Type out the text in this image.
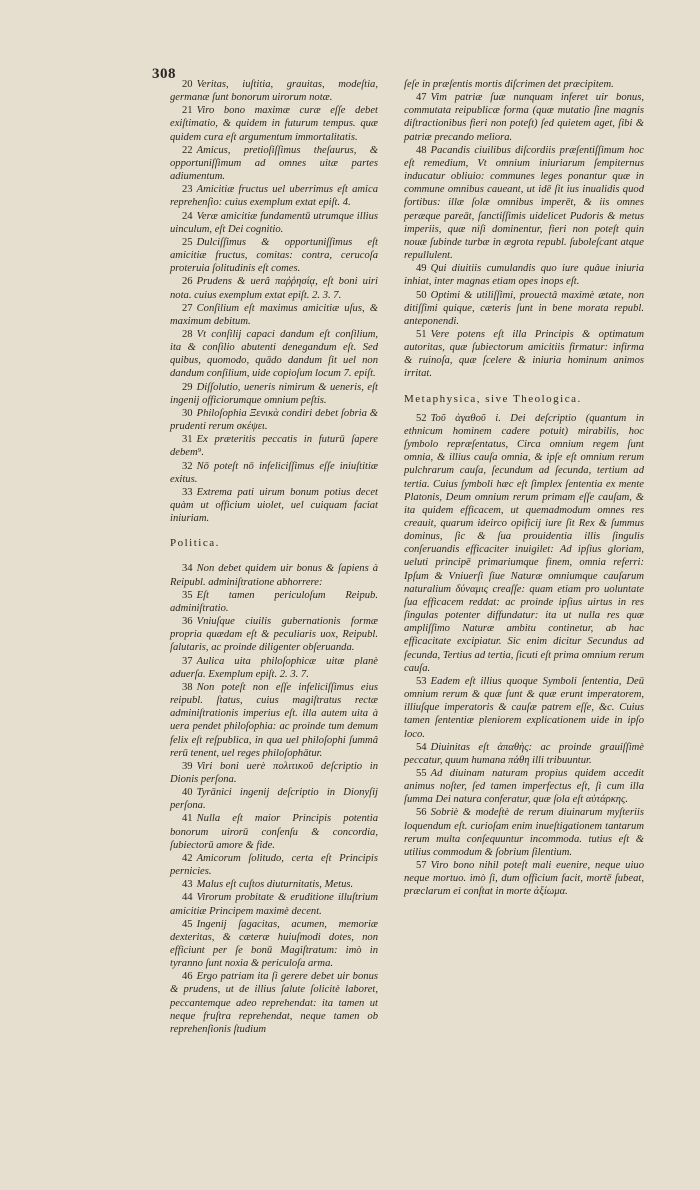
308

20 Veritas, iuſtitia, grauitas, modeſtia, germanæ ſunt bonorum uirorum notæ.

21 Viro bono maximæ curæ eſſe debet exiſtimatio, & quidem in futurum tempus. quæ quidem cura eſt argumentum immortalitatis.

22 Amicus, pretioſiſſimus theſaurus, & opportuniſſimum ad omnes uitæ partes adiumentum.

23 Amicitiæ fructus uel uberrimus eſt amica reprehenſio: cuius exemplum extat epiſt. 4.

24 Veræ amicitiæ fundamentū utrumque illius uinculum, eſt Dei cognitio.

25 Dulciſſimus & opportuniſſimus eſt amicitiæ fructus, comitas: contra, cerucoſa proteruia ſolitudinis eſt comes.

26 Prudens & uerâ παῤῥησίᾳ, eſt boni uiri nota. cuius exemplum extat epiſt. 2. 3. 7.

27 Conſilium eſt maximus amicitiæ uſus, & maximum debitum.

28 Vt conſilij capaci dandum eſt conſilium, ita & conſilio abutenti denegandum eſt. Sed quibus, quomodo, quādo dandum ſit uel non dandum conſilium, uide copioſum locum 7. epiſt.

29 Diſſolutio, ueneris nimirum & ueneris, eſt ingenij officiorumque omnium peſtis.

30 Philoſophia Ξενικὰ condiri debet ſobria & prudenti rerum σκέψει.

31 Ex præteritis peccatis in futurū ſapere debem⁹.

32 Nō poteſt nō infeliciſſimus eſſe iniuſtitiæ exitus.

33 Extrema pati uirum bonum potius decet quàm ut officium uiolet, uel cuiquam faciat iniuriam.

Politica.

34 Non debet quidem uir bonus & ſapiens à Reipubl. adminiſtratione abhorrere:

35 Eſt tamen periculoſum Reipub. adminiſtratio.

36 Vniuſque ciuilis gubernationis formæ propria quædam eſt & peculiaris uox, Reipubl. ſalutaris, ac proinde diligenter obſeruanda.

37 Aulica uita philoſophicæ uitæ planè aduerſa. Exemplum epiſt. 2. 3. 7.

38 Non poteſt non eſſe infeliciſſimus eius reipubl. ſtatus, cuius magiſtratus rectæ adminiſtrationis imperius eſt. illa autem uita à uera pendet philoſophia: ac proinde tum demum felix eſt reſpublica, in qua uel philoſophi ſummâ rerū tenent, uel reges philoſophātur.

39 Viri boni uerè πολιτικοῦ deſcriptio in Dionis perſona.

40 Tyrānici ingenij deſcriptio in Dionyſij perſona.

41 Nulla eſt maior Principis potentia bonorum uirorū conſenſu & concordia, ſubiectorū amore & fide.

42 Amicorum ſolitudo, certa eſt Principis pernicies.

43 Malus eſt cuſtos diuturnitatis, Metus.

44 Virorum probitate & eruditione illuſtrium amicitiæ Principem maximè decent.

45 Ingenij ſagacitas, acumen, memoriæ dexteritas, & cæteræ huiuſmodi dotes, non efficiunt per ſe bonū Magiſtratum: imò in tyranno ſunt noxia & periculoſa arma.

46 Ergo patriam ita ſi gerere debet uir bonus & prudens, ut de illius ſalute ſolicitè laboret, peccantemque adeo reprehendat: ita tamen ut neque fruſtra reprehendat, neque tamen ob reprehenſionis ſtudium

ſeſe in præſentis mortis diſcrimen det præcipitem.

47 Vim patriæ ſuæ nunquam inferet uir bonus, commutata reipublicæ forma (quæ mutatio ſine magnis diſtractionibus fieri non poteſt) ſed quietem aget, ſibi & patriæ precando meliora.

48 Pacandis ciuilibus diſcordiis præſentiſſimum hoc eſt remedium, Vt omnium iniuriarum ſempiternus inducatur obliuio: communes leges ponantur quæ in commune omnibus caueant, ut idē ſit ius inualidis quod fortibus: illæ ſolæ omnibus imperēt, & iis omnes peræque pareāt, ſanctiſſimis uidelicet Pudoris & metus imperiis, quæ niſi dominentur, fieri non poteſt quin nouæ ſubinde turbæ in ægrota republ. ſuboleſcant atque repullulent.

49 Qui diuitiis cumulandis quo iure quâue iniuria inhiat, inter magnas etiam opes inops eſt.

50 Optimi & utiliſſimi, prouectâ maximè ætate, non ditiſſimi quique, cæteris ſunt in bene morata republ. anteponendi.

51 Vere potens eſt illa Principis & optimatum autoritas, quæ ſubiectorum amicitiis firmatur: infirma & ruinoſa, quæ ſcelere & iniuria hominum animos irritat.

Metaphysica, sive Theologica.

52 Τοῦ ἀγαθοῦ i. Dei deſcriptio (quantum in ethnicum hominem cadere potuit) mirabilis, hoc ſymbolo repræſentatus, Circa omnium regem ſunt omnia, & illius cauſa omnia, & ipſe eſt omnium rerum pulchrarum cauſa, ſecundum ad ſecunda, tertium ad tertia. Cuius ſymboli hæc eſt ſimplex ſententia ex mente Platonis, Deum omnium rerum primam eſſe cauſam, & ita quidem efficacem, ut quemadmodum omnes res creauit, quarum ideirco opificij iure ſit Rex & ſummus dominus, ſic & ſua prouidentia illis ſingulis conſeruandis efficaciter inuigilet: Ad ipſius gloriam, ueluti principē primariumque finem, omnia referri: Ipſum & Vniuerſi ſiue Naturæ omniumque cauſarum naturalium δύναμις creaſſe: quam etiam pro uoluntate ſua efficacem reddat: ac proinde ipſius uirtus in res ſingulas potenter diffundatur: ita ut nulla res quæ ampliſſimo Naturæ ambitu continetur, ab hac efficacitate excipiatur. Sic enim dicitur Secundus ad ſecunda, Tertius ad tertia, ſicuti eſt prima omnium rerum cauſa.

53 Eadem eſt illius quoque Symboli ſententia, Deū omnium rerum & quæ ſunt & quæ erunt imperatorem, illiuſque imperatoris & cauſæ patrem eſſe, &c. Cuius tamen ſententiæ pleniorem explicationem uide in ipſo loco.

54 Diuinitas eſt ἀπαθὴς: ac proinde grauiſſimè peccatur, quum humana πάθη illi tribuuntur.

55 Ad diuinam naturam propius quidem accedit animus noſter, ſed tamen imperfectus eſt, ſi cum illa ſumma Dei natura conferatur, quæ ſola eſt αὐτάρκης.

56 Sobriè & modeſtè de rerum diuinarum myſteriis loquendum eſt. curioſam enim inueſtigationem tantarum rerum multa conſequuntur incommoda. tutius eſt & utilius commodum & ſobrium ſilentium.

57 Viro bono nihil poteſt mali euenire, neque uiuo neque mortuo. imò ſi, dum officium facit, mortē ſubeat, præclarum ei conſtat in morte ἀξίωμα.
